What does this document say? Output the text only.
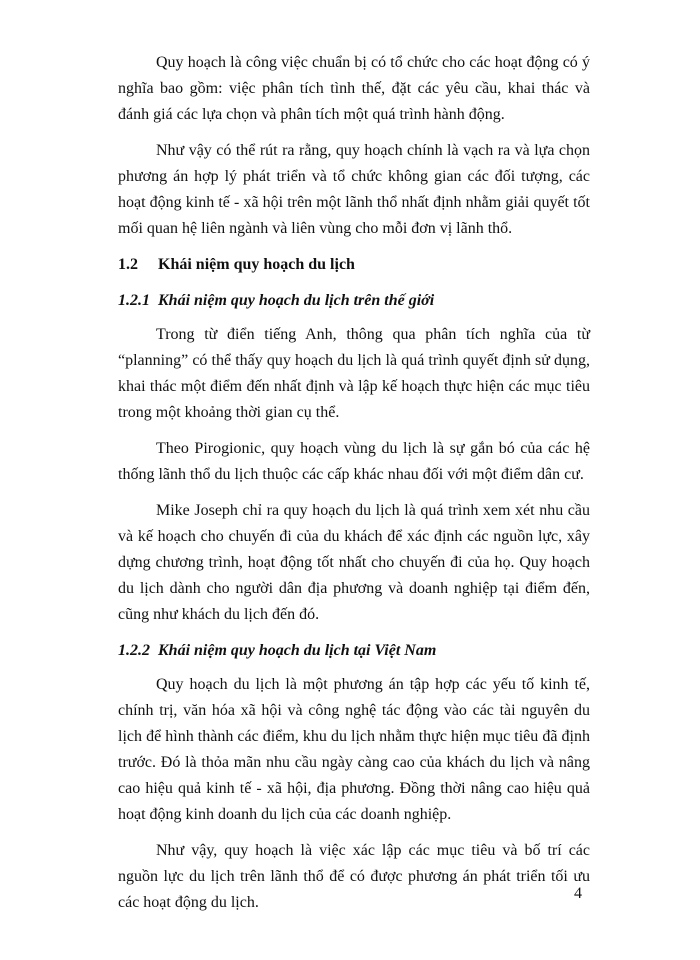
Quy hoạch là công việc chuẩn bị có tổ chức cho các hoạt động có ý nghĩa bao gồm: việc phân tích tình thế, đặt các yêu cầu, khai thác và đánh giá các lựa chọn và phân tích một quá trình hành động.

Như vậy có thể rút ra rằng, quy hoạch chính là vạch ra và lựa chọn phương án hợp lý phát triển và tổ chức không gian các đối tượng, các hoạt động kinh tế - xã hội trên một lãnh thổ nhất định nhằm giải quyết tốt mối quan hệ liên ngành và liên vùng cho mỗi đơn vị lãnh thổ.

1.2 Khái niệm quy hoạch du lịch
1.2.1 Khái niệm quy hoạch du lịch trên thế giới

Trong từ điển tiếng Anh, thông qua phân tích nghĩa của từ “planning” có thể thấy quy hoạch du lịch là quá trình quyết định sử dụng, khai thác một điểm đến nhất định và lập kế hoạch thực hiện các mục tiêu trong một khoảng thời gian cụ thể.

Theo Pirogionic, quy hoạch vùng du lịch là sự gắn bó của các hệ thống lãnh thổ du lịch thuộc các cấp khác nhau đối với một điểm dân cư.

Mike Joseph chỉ ra quy hoạch du lịch là quá trình xem xét nhu cầu và kế hoạch cho chuyến đi của du khách để xác định các nguồn lực, xây dựng chương trình, hoạt động tốt nhất cho chuyến đi của họ. Quy hoạch du lịch dành cho người dân địa phương và doanh nghiệp tại điểm đến, cũng như khách du lịch đến đó.

1.2.2 Khái niệm quy hoạch du lịch tại Việt Nam

Quy hoạch du lịch là một phương án tập hợp các yếu tố kinh tế, chính trị, văn hóa xã hội và công nghệ tác động vào các tài nguyên du lịch để hình thành các điểm, khu du lịch nhằm thực hiện mục tiêu đã định trước. Đó là thỏa mãn nhu cầu ngày càng cao của khách du lịch và nâng cao hiệu quả kinh tế - xã hội, địa phương. Đồng thời nâng cao hiệu quả hoạt động kinh doanh du lịch của các doanh nghiệp.

Như vậy, quy hoạch là việc xác lập các mục tiêu và bố trí các nguồn lực du lịch trên lãnh thổ để có được phương án phát triển tối ưu các hoạt động du lịch.

4
